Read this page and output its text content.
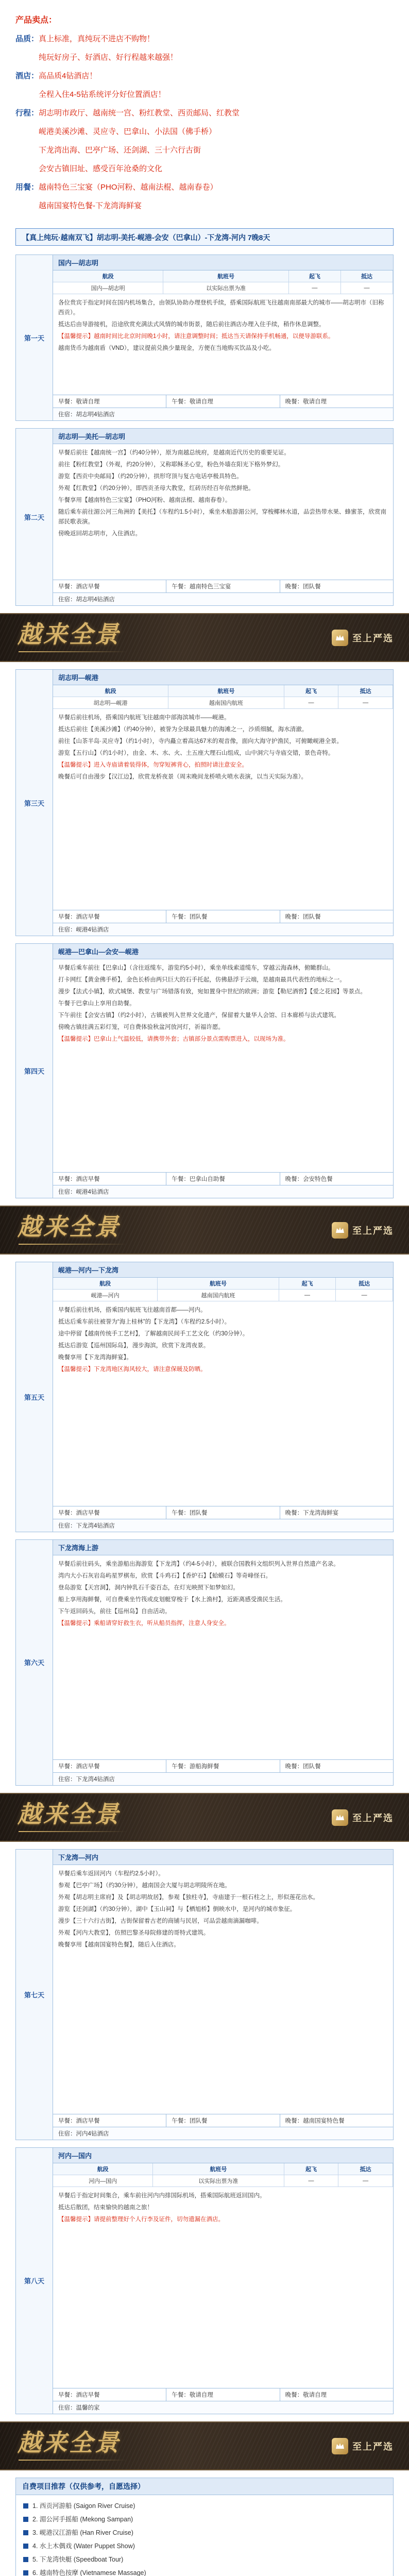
产品卖点：
品质：真上标准，真纯玩不进店不购物！
纯玩好房子、好酒店、好行程越来越强！
酒店：高品质4钻酒店！
全程入住4-5钻系统评分好位置酒店！
行程：胡志明市政厅、越南统一宫、粉红教堂、西贡邮局、红教堂
岘港美溪沙滩、灵应寺、巴拿山、小法国（佛手桥）
下龙湾出海、巴亭广场、还剑湖、三十六行古街
会安古镇旧址、感受百年沧桑的文化
用餐：越南特色三宝宴（PHO河粉、越南法棍、越南春卷）
越南国宴特色餐-下龙湾海鲜宴
【真上纯玩·越南双飞】胡志明-美托-岘港-会安（巴拿山）-下龙湾-河内 7晚8天
第一天
国内—胡志明
航段	航班号	起飞	抵达
国内—胡志明	以实际出票为准	—	—

各位贵宾于指定时间在国内机场集合，由领队协助办理登机手续，搭乘国际航班飞往越南南部最大的城市——胡志明市（旧称西贡）。

抵达后由导游接机，沿途欣赏充满法式风情的城市街景，随后前往酒店办理入住手续，稍作休息调整。

【温馨提示】越南时间比北京时间晚1小时，请注意调整时间；抵达当天请保持手机畅通，以便导游联系。

越南货币为越南盾（VND），建议提前兑换少量现金，方便在当地购买饮品及小吃。

早餐：敬请自理	午餐：敬请自理	晚餐：敬请自理
住宿：胡志明4钻酒店
第二天
胡志明—美托—胡志明

早餐后前往【越南统一宫】（约40分钟），原为南越总统府，是越南近代历史的重要见证。

前往【粉红教堂】（外观，约20分钟），又称耶稣圣心堂，粉色外墙在阳光下格外梦幻。

游览【西贡中央邮局】（约20分钟），拱形穹顶与复古电话亭极具特色。

外观【红教堂】（约20分钟），即西贡圣母大教堂，红砖历经百年依然鲜艳。

午餐享用【越南特色三宝宴】（PHO河粉、越南法棍、越南春卷）。

随后乘车前往湄公河三角洲的【美托】（车程约1.5小时），乘坐木船游湄公河，穿梭椰林水道，品尝热带水果、蜂蜜茶，欣赏南部民歌表演。

傍晚返回胡志明市，入住酒店。

早餐：酒店早餐	午餐：越南特色三宝宴	晚餐：团队餐
住宿：胡志明4钻酒店
越来全景	至上严选
第三天
胡志明—岘港
航段	航班号	起飞	抵达
胡志明—岘港	越南国内航班	—	—

早餐后前往机场，搭乘国内航班飞往越南中部海滨城市——岘港。

抵达后前往【美溪沙滩】（约40分钟），被誉为全球最具魅力的海滩之一，沙质细腻，海水清澈。

前往【山茶半岛·灵应寺】（约1小时），寺内矗立着高达67米的观音像，面向大海守护渔民，可俯瞰岘港全景。

游览【五行山】（约1小时），由金、木、水、火、土五座大理石山组成，山中洞穴与寺庙交错，景色奇特。

【温馨提示】进入寺庙请着装得体，勿穿短裤背心，拍照时请注意安全。

晚餐后可自由漫步【汉江边】，欣赏龙桥夜景（周末晚间龙桥喷火喷水表演，以当天实际为准）。

早餐：酒店早餐	午餐：团队餐	晚餐：团队餐
住宿：岘港4钻酒店
第四天
岘港—巴拿山—会安—岘港

早餐后乘车前往【巴拿山】（含往返缆车，游览约5小时），乘坐单线索道缆车，穿越云海森林，俯瞰群山。

打卡网红【黄金佛手桥】，金色长桥由两只巨大的石手托起，仿佛悬浮于云端，是越南最具代表性的地标之一。

漫步【法式小镇】，欧式城堡、教堂与广场错落有致，宛如置身中世纪的欧洲；游览【勒尼酒窖】【爱之花园】等景点。

午餐于巴拿山上享用自助餐。

下午前往【会安古镇】（约2小时），古镇被列入世界文化遗产，保留着大量华人会馆、日本廊桥与法式建筑。

傍晚古镇挂满五彩灯笼，可自费体验秋盆河放河灯，祈福许愿。

【温馨提示】巴拿山上气温较低，请携带外套；古镇部分景点需购票进入，以现场为准。

早餐：酒店早餐	午餐：巴拿山自助餐	晚餐：会安特色餐
住宿：岘港4钻酒店
越来全景	至上严选
第五天
岘港—河内—下龙湾
航段	航班号	起飞	抵达
岘港—河内	越南国内航班	—	—

早餐后前往机场，搭乘国内航班飞往越南首都——河内。

抵达后乘车前往被誉为“海上桂林”的【下龙湾】（车程约2.5小时）。

途中停留【越南传统手工艺村】，了解越南民间手工艺文化（约30分钟）。

抵达后游览【巡州国际岛】，漫步海滨，欣赏下龙湾夜景。

晚餐享用【下龙湾海鲜宴】。

【温馨提示】下龙湾地区海风较大，请注意保暖及防晒。

早餐：酒店早餐	午餐：团队餐	晚餐：下龙湾海鲜宴
住宿：下龙湾4钻酒店
第六天
下龙湾海上游

早餐后前往码头，乘坐游船出海游览【下龙湾】（约4-5小时），被联合国教科文组织列入世界自然遗产名录。

湾内大小石灰岩岛屿星罗棋布，欣赏【斗鸡石】【香炉石】【蛤蟆石】等奇峰怪石。

登岛游览【天宫洞】，洞内钟乳石千姿百态，在灯光映照下如梦如幻。

船上享用海鲜餐，可自费乘坐竹筏或皮划艇穿梭于【水上渔村】，近距离感受渔民生活。

下午返回码头，前往【巡州岛】自由活动。

【温馨提示】乘船请穿好救生衣，听从船员指挥，注意人身安全。

早餐：酒店早餐	午餐：游船海鲜餐	晚餐：团队餐
住宿：下龙湾4钻酒店
越来全景	至上严选
第七天
下龙湾—河内

早餐后乘车返回河内（车程约2.5小时）。

参观【巴亭广场】（约30分钟），越南国会大厦与胡志明陵所在地。

外观【胡志明主席府】及【胡志明故居】，参观【独柱寺】，寺庙建于一根石柱之上，形似莲花出水。

游览【还剑湖】（约30分钟），湖中【玉山祠】与【栖旭桥】倒映水中，是河内的城市象征。

漫步【三十六行古街】，古街保留着古老的商铺与民居，可品尝越南滴漏咖啡。

外观【河内大教堂】，仿照巴黎圣母院修建的哥特式建筑。

晚餐享用【越南国宴特色餐】，随后入住酒店。

早餐：酒店早餐	午餐：团队餐	晚餐：越南国宴特色餐
住宿：河内4钻酒店
第八天
河内—国内
航段	航班号	起飞	抵达
河内—国内	以实际出票为准	—	—

早餐后于指定时间集合，乘车前往河内内排国际机场，搭乘国际航班返回国内。

抵达后散团，结束愉快的越南之旅！

【温馨提示】请提前整理好个人行李及证件，切勿遗漏在酒店。

早餐：酒店早餐	午餐：敬请自理	晚餐：敬请自理
住宿：温馨的家
越来全景	至上严选
自费项目推荐（仅供参考，自愿选择）
1. 西贡河游船 (Saigon River Cruise)
2. 湄公河手摇船 (Mekong Sampan)
3. 岘港汉江游船 (Han River Cruise)
4. 水上木偶戏 (Water Puppet Show)
5. 下龙湾快艇 (Speedboat Tour)
6. 越南特色按摩 (Vietnamese Massage)
